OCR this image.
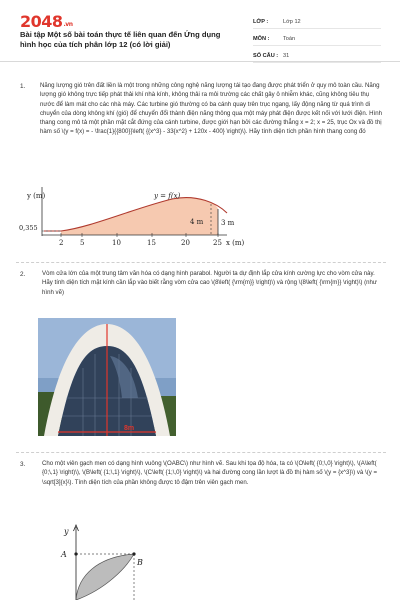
2048.vn
Bài tập Một số bài toán thực tế liên quan đến Ứng dụng hình học của tích phân lớp 12 (có lời giải)
LỚP :	Lớp 12
MÔN :	Toán
SỐ CÂU : 31
1. Năng lượng gió trên đất liền là một trong những công nghệ năng lượng tái tạo đang được phát triển ở quy mô toàn cầu. Năng lượng gió không trực tiếp phát thải khí nhà kính, không thải ra môi trường các chất gây ô nhiễm khác, cũng không tiêu thụ nước để làm mát cho các nhà máy. Các turbine gió thường có ba cánh quay trên trục ngang, lấy động năng từ quá trình di chuyển của dòng không khí (gió) để chuyển đổi thành điện năng thông qua một máy phát điện được kết nối với lưới điện. Hình thang cong mô tả một phần mặt cắt đứng của cánh turbine, được giới hạn bởi các đường thẳng x = 2; x = 25, trục Ox và đồ thị hàm số \(y = f(x) = - \frac{1}{{800}}\left( {{x^3} - 33{x^2} + 120x - 400} \right)\). Hãy tính diện tích phần hình thang cong đó
y (m)
0,355
y = f(x)
4 m	3 m
x (m)
2 5	10	15	20	25
2.	Vòm cửa lớn của một trung tâm văn hóa có dạng hình parabol. Người ta dự định lắp cửa kính cường lực cho vòm cửa này. Hãy tính diện tích mặt kính cần lắp vào biết rằng vòm cửa cao \(8\left( {\rm{m}} \right)\) và rộng \(8\left( {\rm{m}} \right)\) (như hình vẽ)
8m
3.	Cho một viên gạch men có dạng hình vuông \(OABC\) như hình vẽ. Sau khi tọa độ hóa, ta có \(O\left( {0;\,0} \right)\), \(A\left( {0;\,1} \right)\), \(B\left( {1;\,1} \right)\), \(C\left( {1;\,0} \right)\) và hai đường cong lần lượt là đồ thị hàm số \(y = {x^3}\) và \(y = \sqrt[3]{x}\). Tính diện tích của phần không được tô đậm trên viên gạch men.
y
A
B
